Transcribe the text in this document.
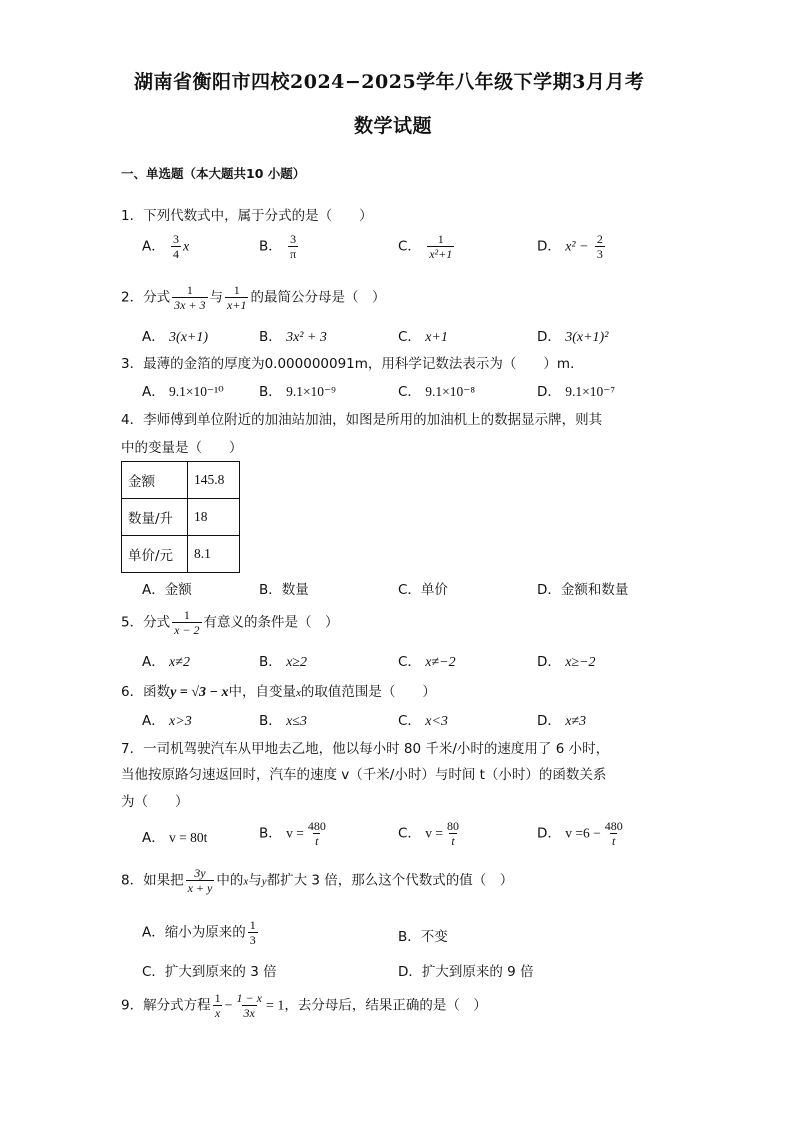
湖南省衡阳市四校2024−2025学年八年级下学期3月月考
数学试题
一、单选题（本大题共10 小题）
1．下列代数式中，属于分式的是（　　）
A． $\frac{3}{4}$ x	B． $\frac{3}{\pi}$	C． $\frac{1}{\text{x²+1}}$	D． $x^2 - \frac{2}{3}$
2．分式 $\frac{1}{3x + 3}$ 与 $\frac{1}{x+1}$ 的最简公分母是（　）
A． 3(x+1)	B． 3x² + 3	C． x+1	D． 3(x+1)²
3．最薄的金箔的厚度为0.000000091m，用科学记数法表示为（　　）m．
A． 9.1×10⁻¹⁰	B． 9.1×10⁻⁹	C． 9.1×10⁻⁸	D． 9.1×10⁻⁷
4．李师傅到单位附近的加油站加油，如图是所用的加油机上的数据显示牌，则其
中的变量是（　　）
金额	145.8
数量/升	18
单价/元	8.1
A．金额	B．数量	C．单价	D．金额和数量
5．分式 $\frac{1}{x - 2}$ 有意义的条件是（　）
A． x≠2	B． x≥2	C． x≠−2	D． x≥−2
6．函数y = √3 − x中，自变量x的取值范围是（　　）
A． x>3	B． x≤3	C． x<3	D． x≠3
7．一司机驾驶汽车从甲地去乙地，他以每小时 80 千米/小时的速度用了 6 小时，
当他按原路匀速返回时，汽车的速度 v（千米/小时）与时间 t（小时）的函数关系
为（　　）
A． v = 80t	B． $v = \frac{480}{t}$	C． $v = \frac{80}{t}$	D． $v =6 - \frac{480}{t}$
8．如果把 $\frac{3y}{x + y}$ 中的x与y都扩大 3 倍，那么这个代数式的值（　）
A．缩小为原来的 $\frac{1}{3}$	B．不变
C．扩大到原来的 3 倍	D．扩大到原来的 9 倍
9．解分式方程 $\frac{1}{x} - \frac{1 - x}{3x} = 1$，去分母后，结果正确的是（　）
